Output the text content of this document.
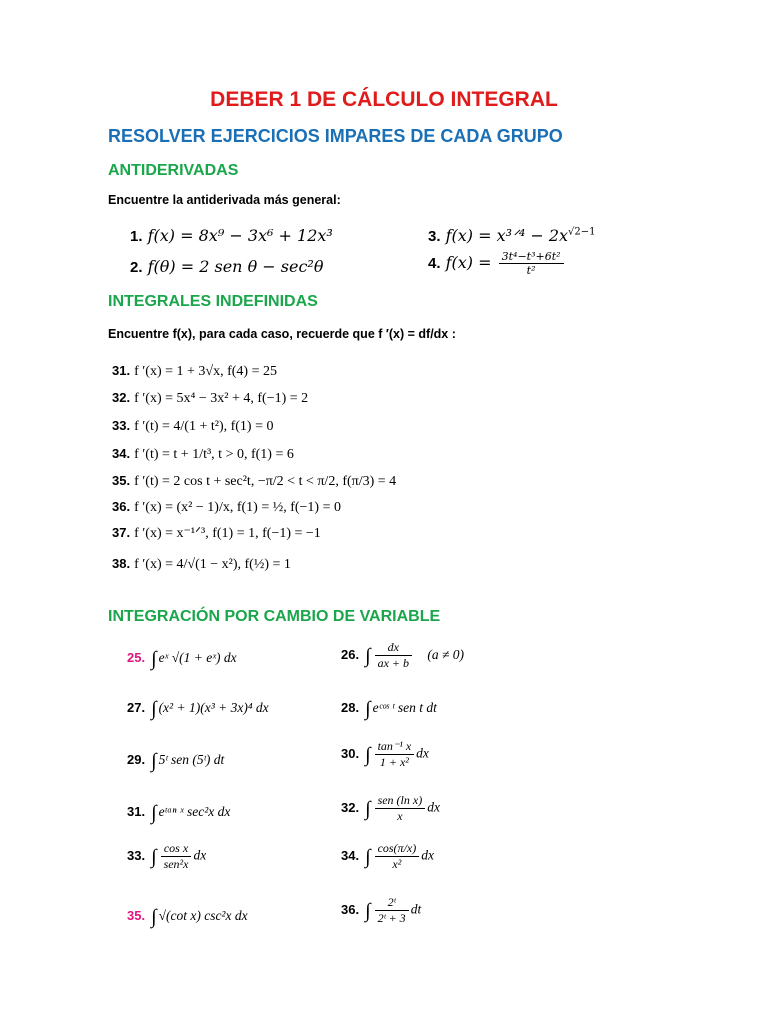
DEBER 1 DE CÁLCULO INTEGRAL
RESOLVER EJERCICIOS IMPARES DE CADA GRUPO
ANTIDERIVADAS
Encuentre la antiderivada más general:
1. f(x) = 8x⁹ − 3x⁶ + 12x³
2. f(θ) = 2 sen θ − sec²θ
3. f(x) = x³ᐟ⁴ − $2x^{√2-1}$
4. $f(x) = \frac{\text{3t⁴−t³+6t²}}{\text{t²}}$
INTEGRALES INDEFINIDAS
Encuentre f(x), para cada caso, recuerde que f ′(x) = df/dx :
31. f ′(x) = 1 + 3√x, f(4) = 25
32. f ′(x) = 5x⁴ − 3x² + 4, f(−1) = 2
33. f ′(t) = 4/(1 + t²), f(1) = 0
34. f ′(t) = t + 1/t³, t > 0, f(1) = 6
35. f ′(t) = 2 cos t + sec²t, −π/2 < t < π/2, f(π/3) = 4
36. f ′(x) = (x² − 1)/x, f(1) = ½, f(−1) = 0
37. f ′(x) = x⁻¹ᐟ³, f(1) = 1, f(−1) = −1
38. f ′(x) = 4/√(1 − x²), f(½) = 1
INTEGRACIÓN POR CAMBIO DE VARIABLE
25. ∫ eˣ √(1 + eˣ) dx	26. ∫ $\frac{dx}{ax + b} (a \ne 0)$
27. ∫ (x² + 1)(x³ + 3x)⁴ dx	28. ∫ eᶜᵒˢ ᵗ sen t dt
29. ∫ 5ᵗ sen (5ᵗ) dt	30. ∫ $\frac{\text{tan⁻¹ x}}{\text{1 + x²}}$ dx
31. ∫ eᵗᵃⁿ ˣ sec²x dx	32. ∫ $\frac{\text{sen (ln x)}}{x}$ dx
33. ∫ $\frac{\text{cos x}}{\text{sen²x}}$ dx	34. ∫ $\frac{\cos(\pi/x)}{\text{x²}}$ dx
35. ∫ √(cot x) csc²x dx	36. ∫ $\frac{\text{2ᵗ}}{\text{2ᵗ + 3}}$ dt
